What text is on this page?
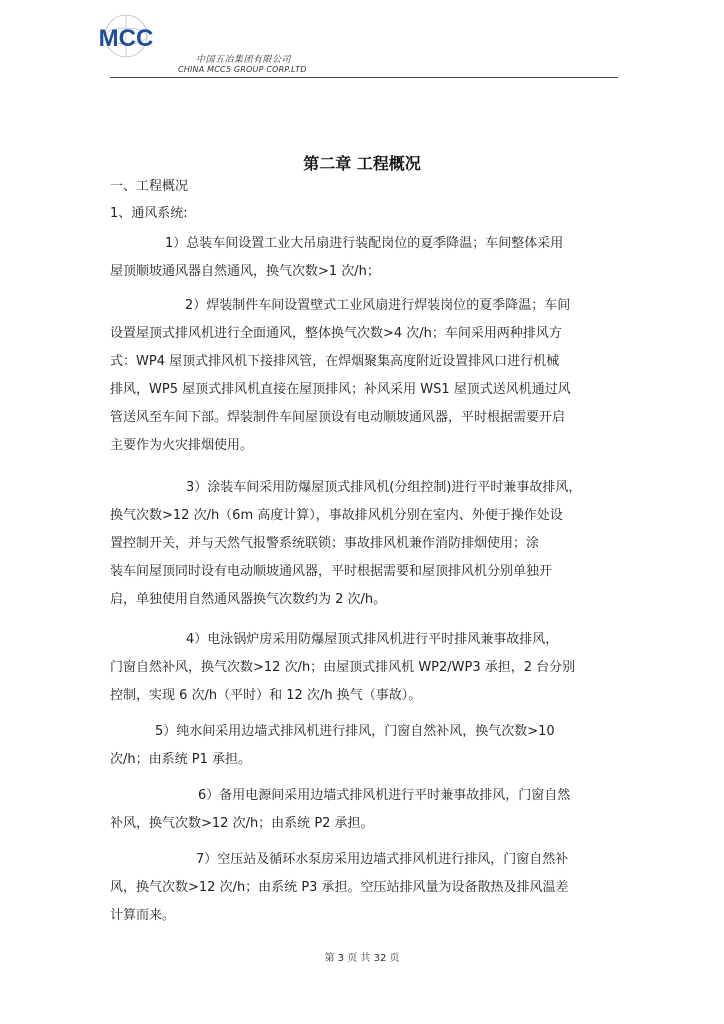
MCC
中国五冶集团有限公司
CHINA MCC5 GROUP CORP.LTD
第二章 工程概况
一、工程概况
1、通风系统:

1）总装车间设置工业大吊扇进行装配岗位的夏季降温；车间整体采用
屋顶顺坡通风器自然通风，换气次数>1 次/h；

2）焊装制件车间设置壁式工业风扇进行焊装岗位的夏季降温；车间
设置屋顶式排风机进行全面通风，整体换气次数>4 次/h；车间采用两种排风方
式：WP4 屋顶式排风机下接排风管，在焊烟聚集高度附近设置排风口进行机械
排风，WP5 屋顶式排风机直接在屋顶排风；补风采用 WS1 屋顶式送风机通过风
管送风至车间下部。焊装制件车间屋顶设有电动顺坡通风器，平时根据需要开启
主要作为火灾排烟使用。

3）涂装车间采用防爆屋顶式排风机(分组控制)进行平时兼事故排风，
换气次数>12 次/h（6m 高度计算），事故排风机分别在室内、外便于操作处设
置控制开关，并与天然气报警系统联锁；事故排风机兼作消防排烟使用；涂
装车间屋顶同时设有电动顺坡通风器，平时根据需要和屋顶排风机分别单独开
启，单独使用自然通风器换气次数约为 2 次/h。

4）电泳锅炉房采用防爆屋顶式排风机进行平时排风兼事故排风，
门窗自然补风，换气次数>12 次/h；由屋顶式排风机 WP2/WP3 承担，2 台分别
控制，实现 6 次/h（平时）和 12 次/h 换气（事故）。

5）纯水间采用边墙式排风机进行排风，门窗自然补风，换气次数>10
次/h；由系统 P1 承担。

6）备用电源间采用边墙式排风机进行平时兼事故排风，门窗自然
补风，换气次数>12 次/h；由系统 P2 承担。

7）空压站及循环水泵房采用边墙式排风机进行排风，门窗自然补
风，换气次数>12 次/h；由系统 P3 承担。空压站排风量为设备散热及排风温差
计算而来。

第 3 页 共 32 页
